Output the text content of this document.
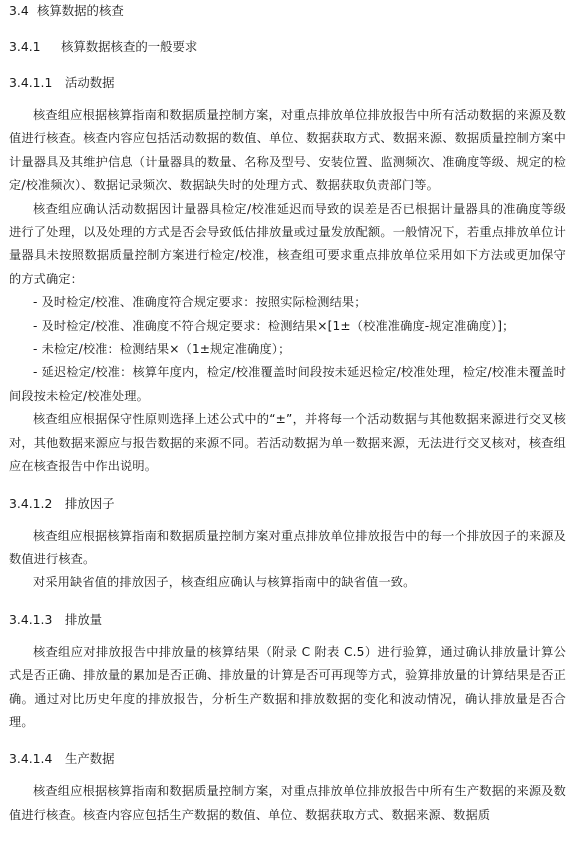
3.4 核算数据的核查
3.4.1 核算数据核查的一般要求
3.4.1.1 活动数据

核查组应根据核算指南和数据质量控制方案，对重点排放单位排放报告中所有活动数据的来源及数值进行核查。核查内容应包括活动数据的数值、单位、数据获取方式、数据来源、数据质量控制方案中计量器具及其维护信息（计量器具的数量、名称及型号、安装位置、监测频次、准确度等级、规定的检定/校准频次）、数据记录频次、数据缺失时的处理方式、数据获取负责部门等。

核查组应确认活动数据因计量器具检定/校准延迟而导致的误差是否已根据计量器具的准确度等级进行了处理，以及处理的方式是否会导致低估排放量或过量发放配额。一般情况下，若重点排放单位计量器具未按照数据质量控制方案进行检定/校准，核查组可要求重点排放单位采用如下方法或更加保守的方式确定：

- 及时检定/校准、准确度符合规定要求：按照实际检测结果；

- 及时检定/校准、准确度不符合规定要求：检测结果×[1±（校准准确度-规定准确度）]；

- 未检定/校准：检测结果×（1±规定准确度）；

- 延迟检定/校准：核算年度内，检定/校准覆盖时间段按未延迟检定/校准处理，检定/校准未覆盖时间段按未检定/校准处理。

核查组应根据保守性原则选择上述公式中的“±”，并将每一个活动数据与其他数据来源进行交叉核对，其他数据来源应与报告数据的来源不同。若活动数据为单一数据来源，无法进行交叉核对，核查组应在核查报告中作出说明。

3.4.1.2 排放因子

核查组应根据核算指南和数据质量控制方案对重点排放单位排放报告中的每一个排放因子的来源及数值进行核查。

对采用缺省值的排放因子，核查组应确认与核算指南中的缺省值一致。

3.4.1.3 排放量

核查组应对排放报告中排放量的核算结果（附录 C 附表 C.5）进行验算，通过确认排放量计算公式是否正确、排放量的累加是否正确、排放量的计算是否可再现等方式，验算排放量的计算结果是否正确。通过对比历史年度的排放报告，分析生产数据和排放数据的变化和波动情况，确认排放量是否合理。

3.4.1.4 生产数据

核查组应根据核算指南和数据质量控制方案，对重点排放单位排放报告中所有生产数据的来源及数值进行核查。核查内容应包括生产数据的数值、单位、数据获取方式、数据来源、数据质
